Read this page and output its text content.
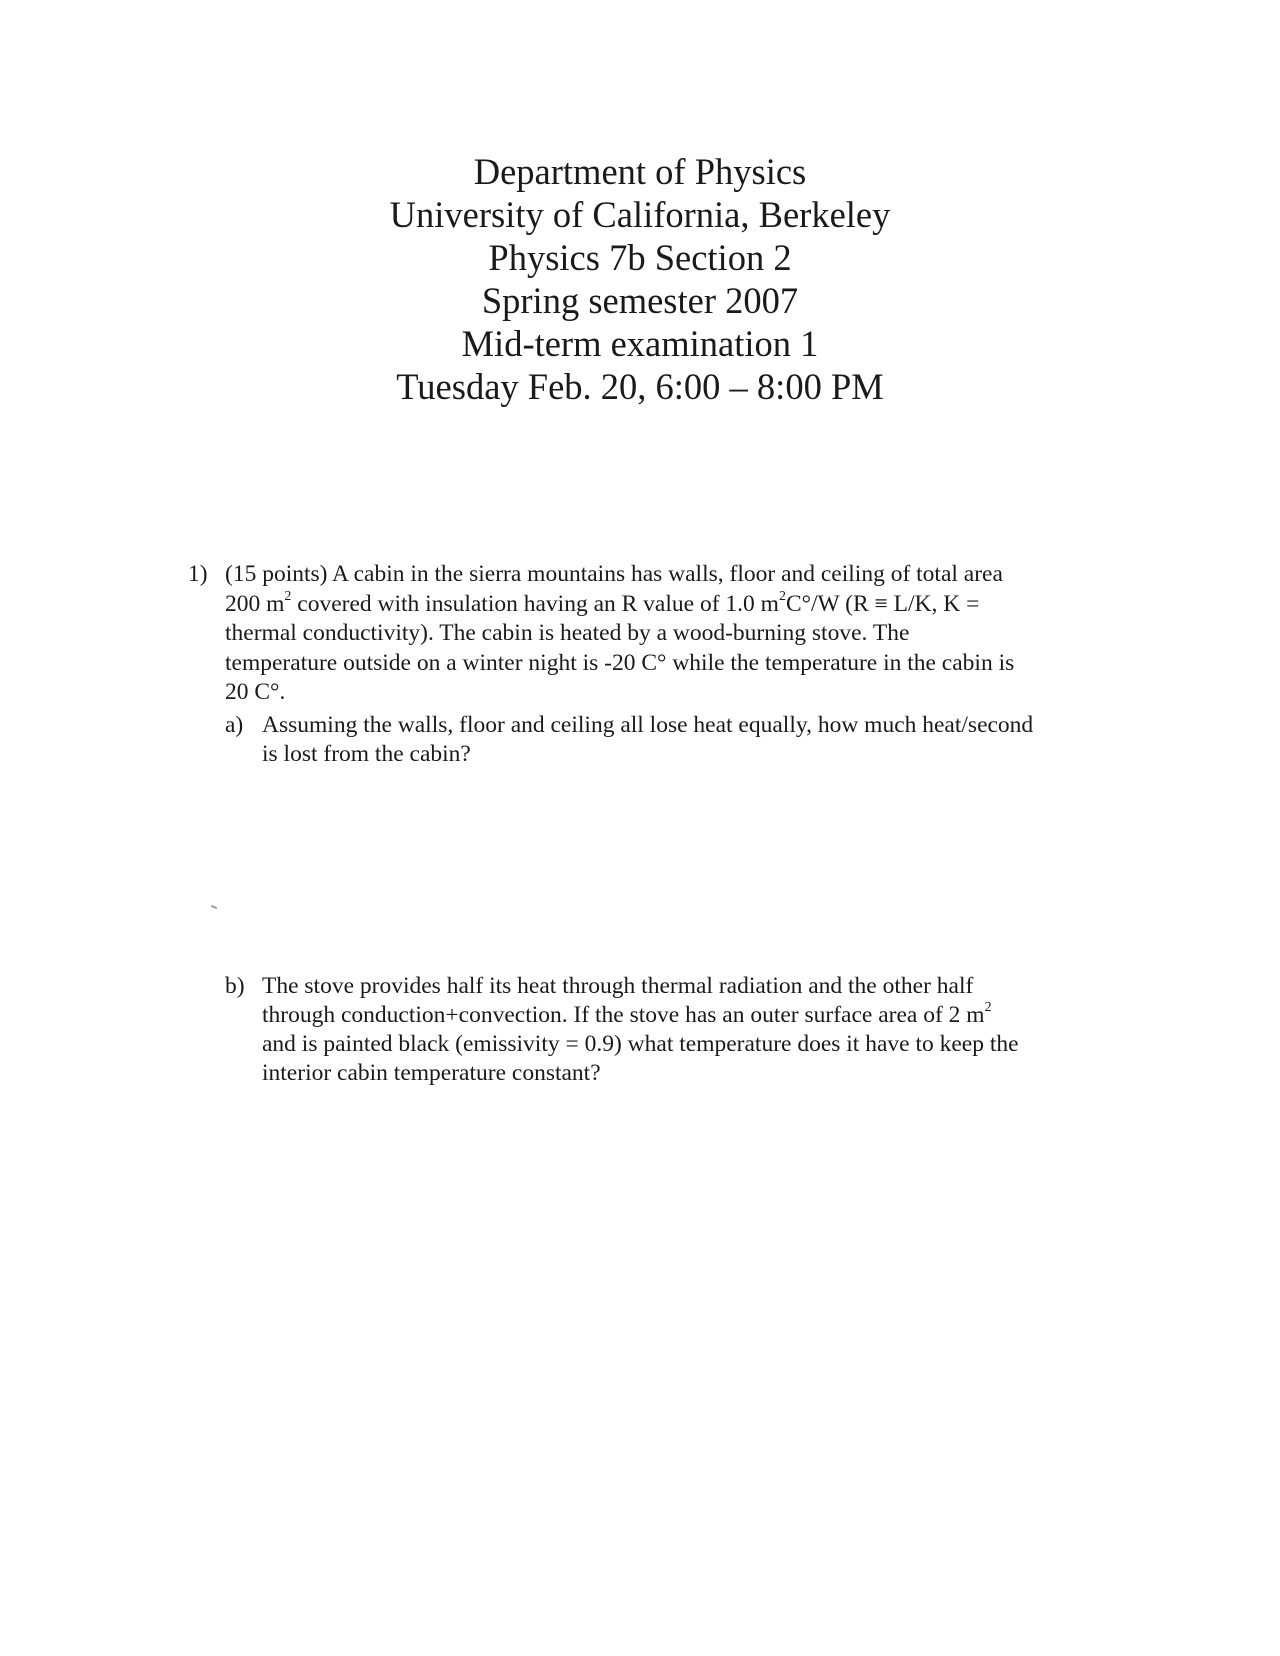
Department of Physics
University of California, Berkeley
Physics 7b Section 2
Spring semester 2007
Mid-term examination 1
Tuesday Feb. 20, 6:00 – 8:00 PM
1) (15 points) A cabin in the sierra mountains has walls, floor and ceiling of total area
200 $m^2$ covered with insulation having an R value of 1.0 $m^2C^\circ/W$ (R ≡ L/K, K =
thermal conductivity). The cabin is heated by a wood-burning stove. The
temperature outside on a winter night is -20 C° while the temperature in the cabin is
20 C°.
a) Assuming the walls, floor and ceiling all lose heat equally, how much heat/second
is lost from the cabin?
b) The stove provides half its heat through thermal radiation and the other half
through conduction+convection. If the stove has an outer surface area of 2 $m^2$
and is painted black (emissivity = 0.9) what temperature does it have to keep the
interior cabin temperature constant?
